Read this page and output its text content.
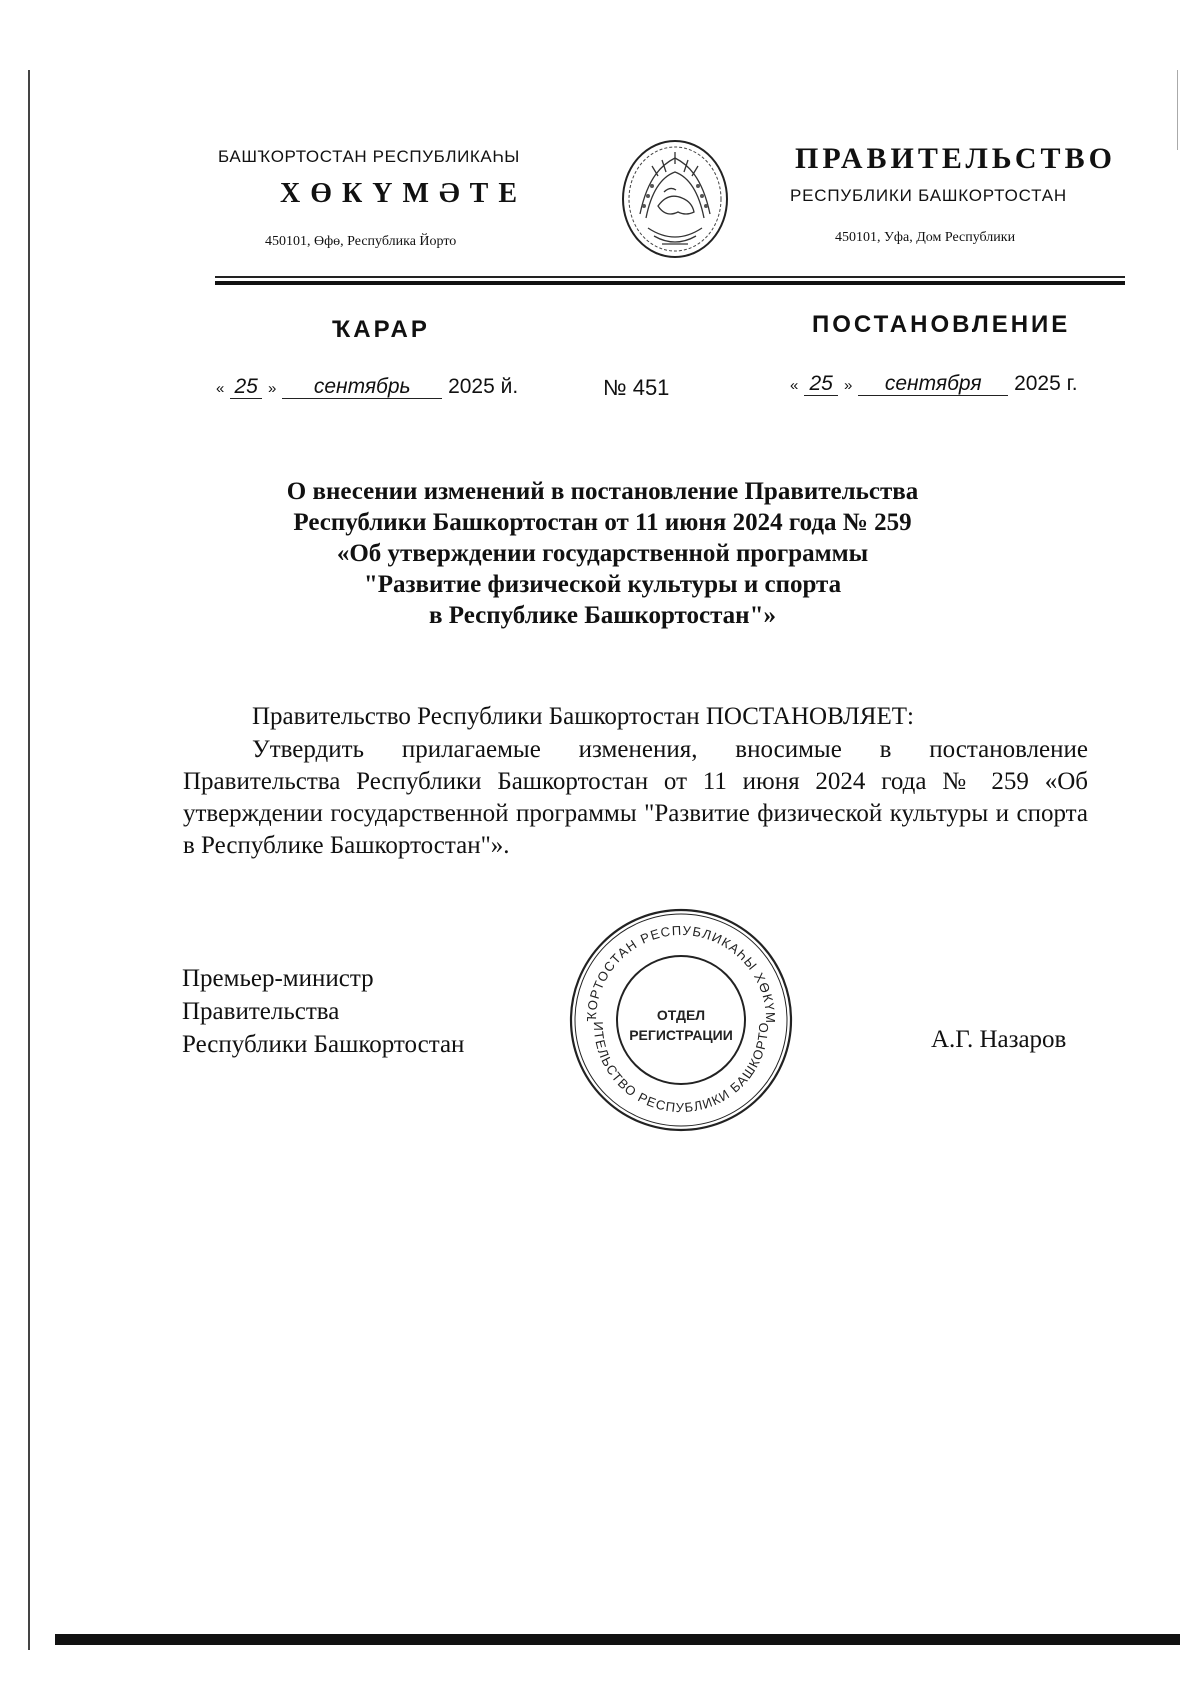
БАШҠОРТОСТАН РЕСПУБЛИКАҺЫ
ХӨКҮМӘТЕ
450101, Өфө, Республика Йорто
ПРАВИТЕЛЬСТВО
РЕСПУБЛИКИ БАШКОРТОСТАН
450101, Уфа, Дом Республики
ҠАРАР	ПОСТАНОВЛЕНИЕ
« 25 » сентябрь 2025 й.	№ 451	« 25 » сентября 2025 г.
О внесении изменений в постановление Правительства
Республики Башкортостан от 11 июня 2024 года № 259
«Об утверждении государственной программы
"Развитие физической культуры и спорта
в Республике Башкортостан"»
Правительство Республики Башкортостан ПОСТАНОВЛЯЕТ:
Утвердить прилагаемые изменения, вносимые в постановление Правительства Республики Башкортостан от 11 июня 2024 года № 259 «Об утверждении государственной программы "Развитие физической культуры и спорта в Республике Башкортостан"».
Премьер-министр
Правительства
Республики Башкортостан	А.Г. Назаров
ҠОРТОСТАН РЕСПУБЛИКАҺЫ ХӨКҮМ
ИТЕЛЬСТВО РЕСПУБЛИКИ БАШКОРТО
ОТДЕЛ
РЕГИСТРАЦИИ
